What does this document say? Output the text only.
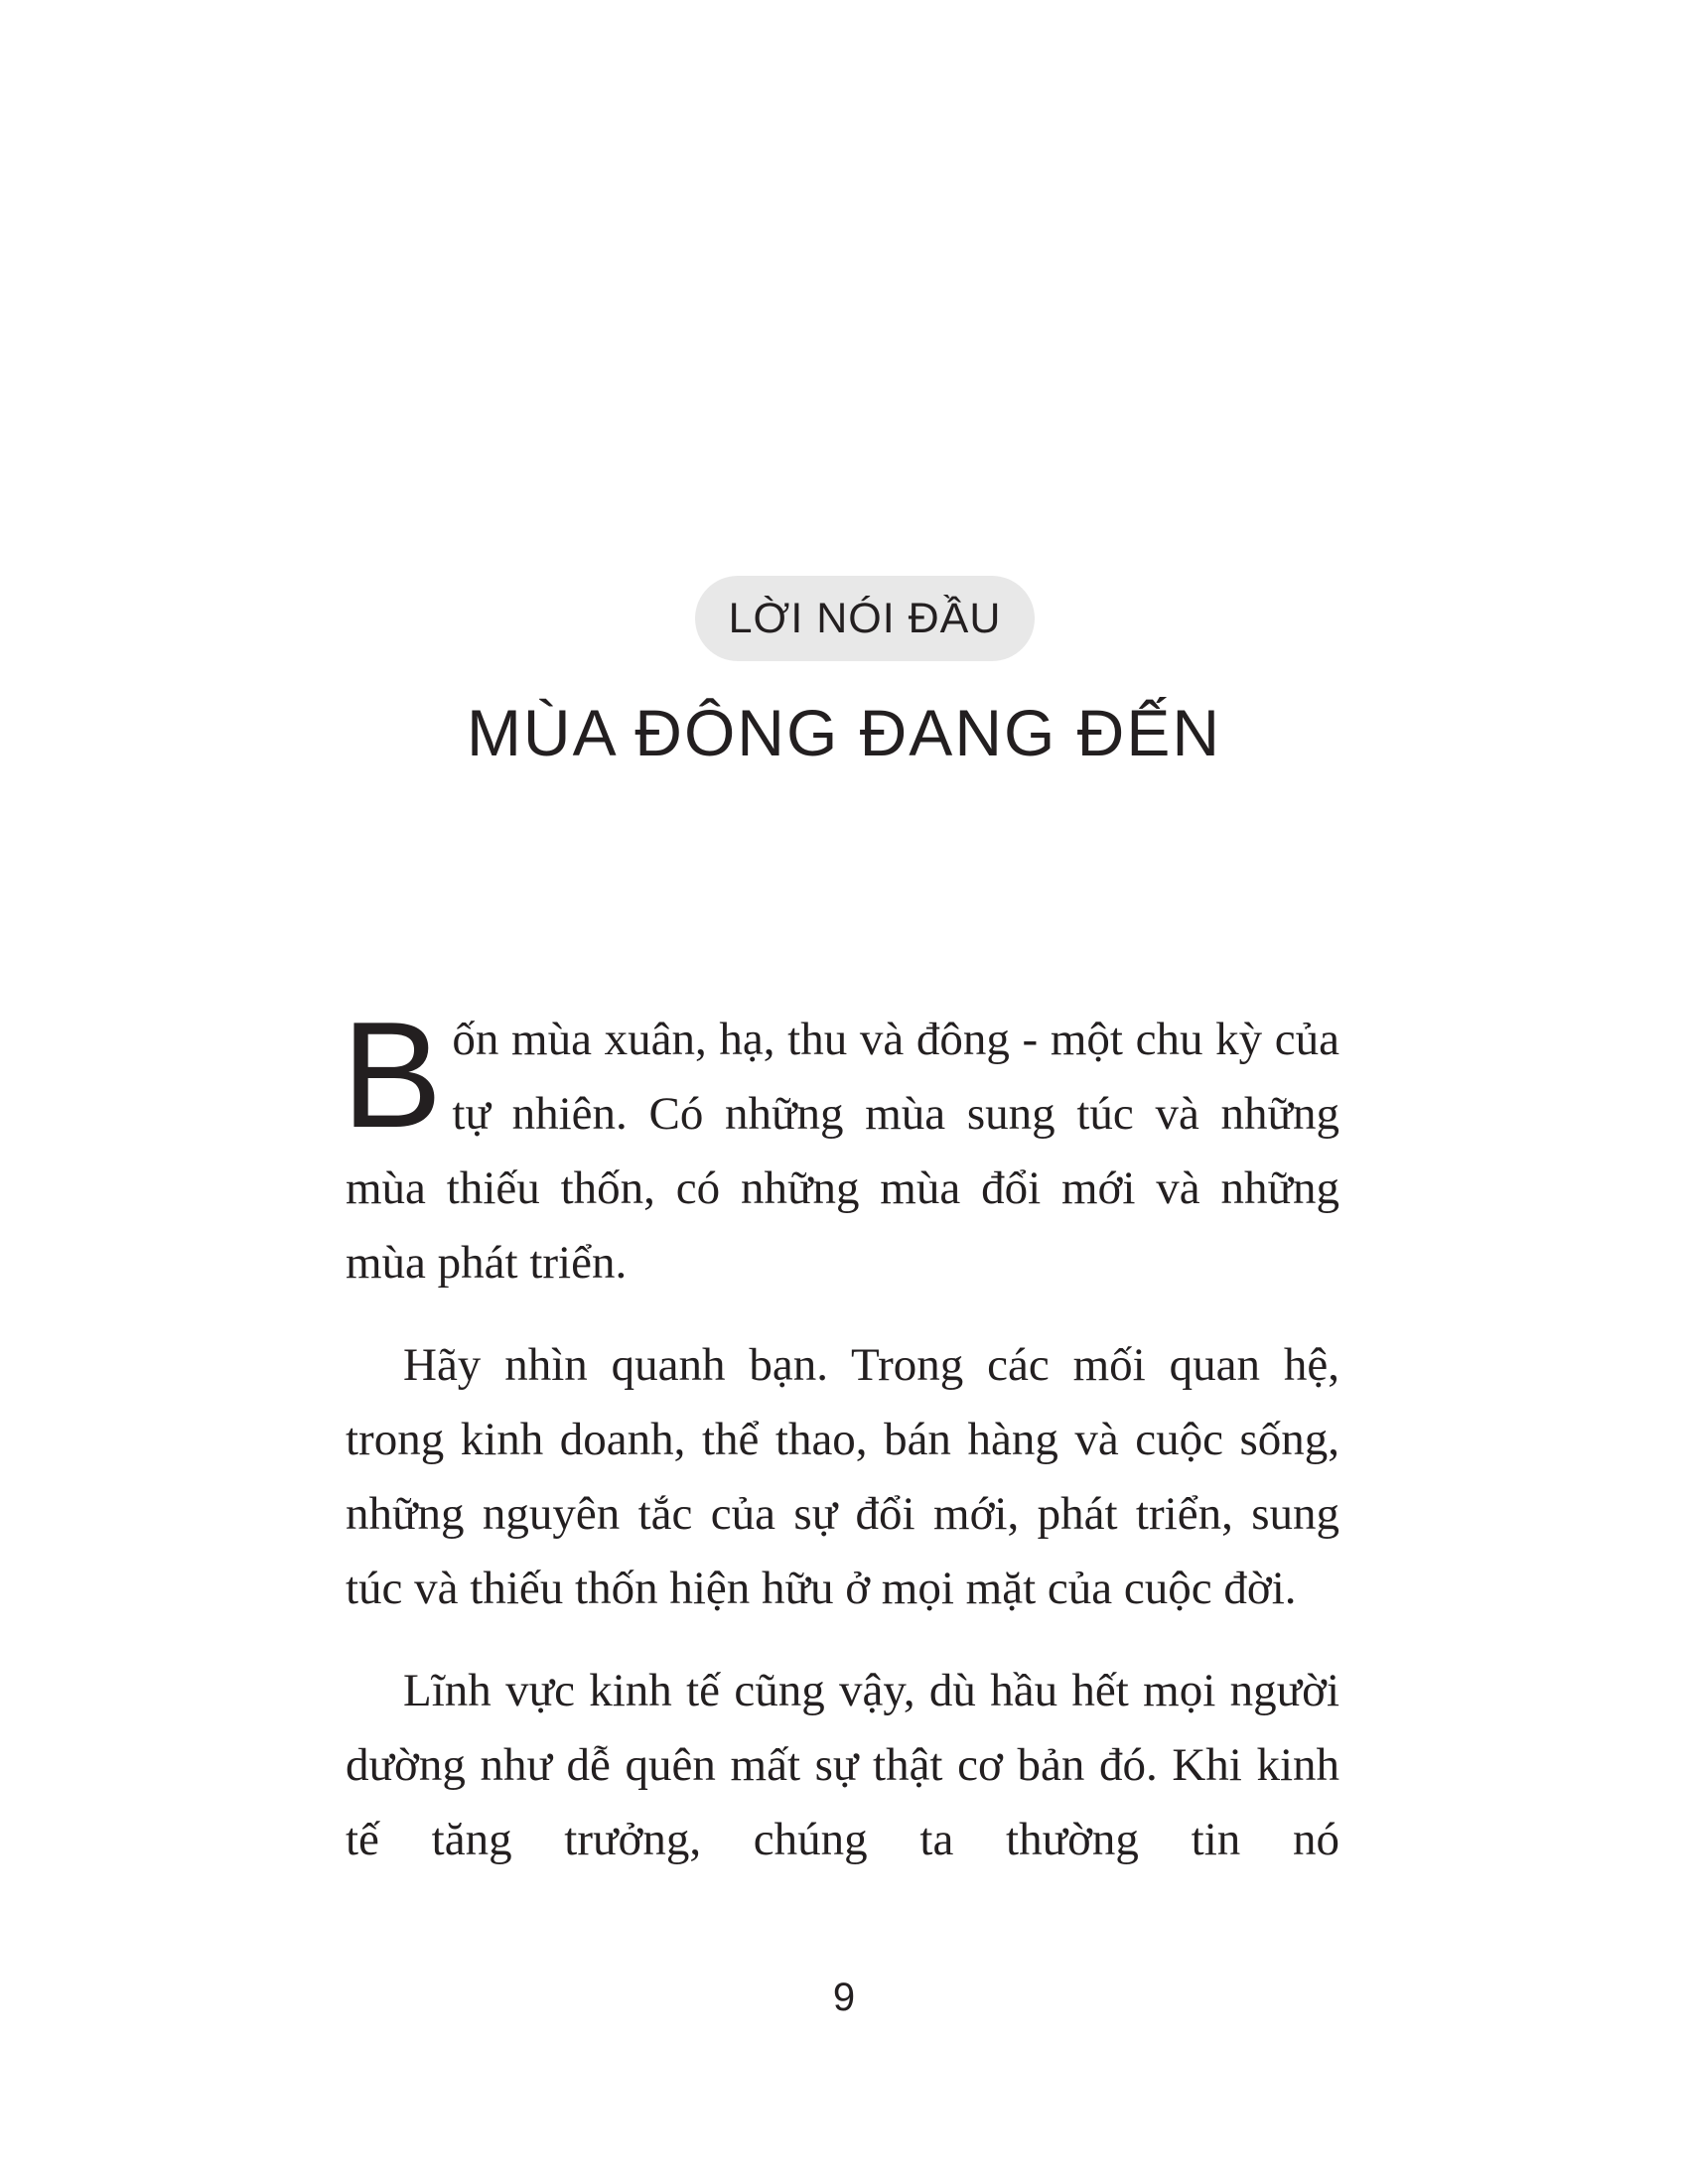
LỜI NÓI ĐẦU
MÙA ĐÔNG ĐANG ĐẾN

Bốn mùa xuân, hạ, thu và đông - một chu kỳ của tự nhiên. Có những mùa sung túc và những mùa thiếu thốn, có những mùa đổi mới và những mùa phát triển.

Hãy nhìn quanh bạn. Trong các mối quan hệ, trong kinh doanh, thể thao, bán hàng và cuộc sống, những nguyên tắc của sự đổi mới, phát triển, sung túc và thiếu thốn hiện hữu ở mọi mặt của cuộc đời.

Lĩnh vực kinh tế cũng vậy, dù hầu hết mọi người dường như dễ quên mất sự thật cơ bản đó. Khi kinh tế tăng trưởng, chúng ta thường tin nó

9
